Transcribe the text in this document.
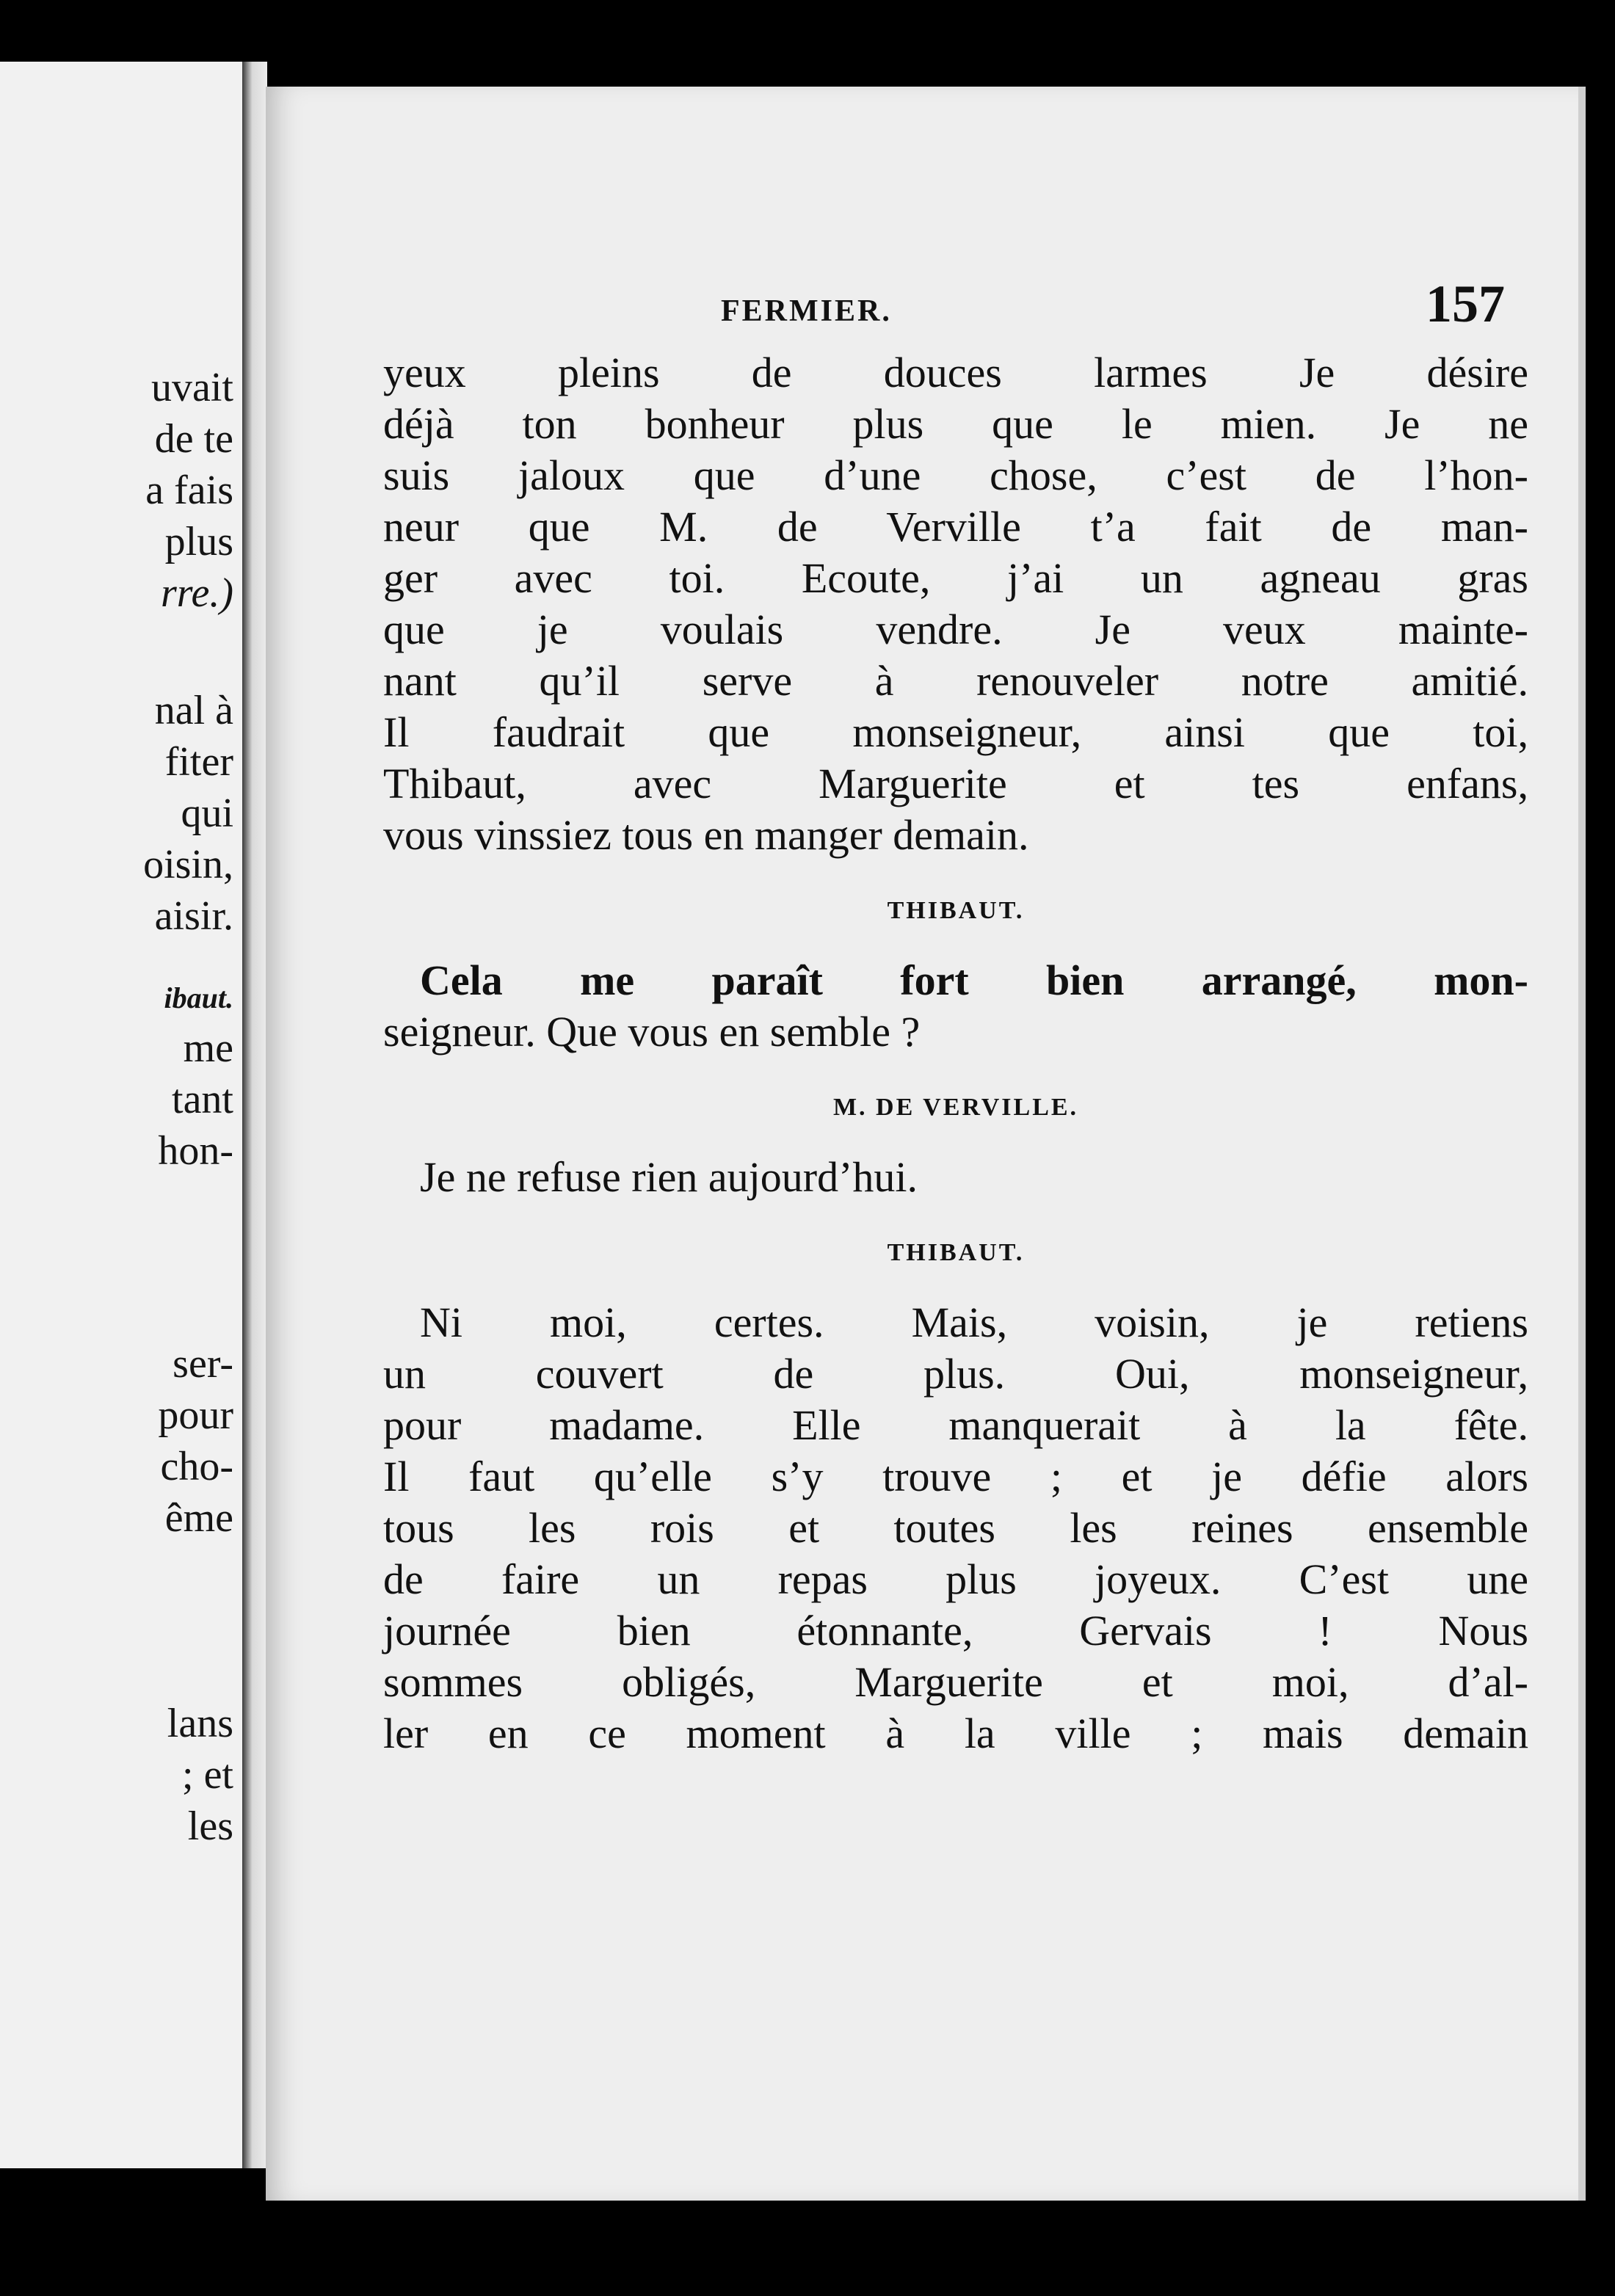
uvait
de te
a fais
plus
rre.)
nal à
fiter
qui
oisin,
aisir.
ibaut.
me
tant
hon-
ser-
pour
cho-
ême
lans
; et
les
FERMIER.	157
yeux pleins de douces larmes Je désire
déjà ton bonheur plus que le mien. Je ne
suis jaloux que d’une chose, c’est de l’hon-
neur que M. de Verville t’a fait de man-
ger avec toi. Ecoute, j’ai un agneau gras
que je voulais vendre. Je veux mainte-
nant qu’il serve à renouveler notre amitié.
Il faudrait que monseigneur, ainsi que toi,
Thibaut, avec Marguerite et tes enfans,
vous vinssiez tous en manger demain.
THIBAUT.
Cela me paraît fort bien arrangé, mon-
seigneur. Que vous en semble ?
M. DE VERVILLE.
Je ne refuse rien aujourd’hui.
THIBAUT.
Ni moi, certes. Mais, voisin, je retiens
un couvert de plus. Oui, monseigneur,
pour madame. Elle manquerait à la fête.
Il faut qu’elle s’y trouve ; et je défie alors
tous les rois et toutes les reines ensemble
de faire un repas plus joyeux. C’est une
journée bien étonnante, Gervais ! Nous
sommes obligés, Marguerite et moi, d’al-
ler en ce moment à la ville ; mais demain
